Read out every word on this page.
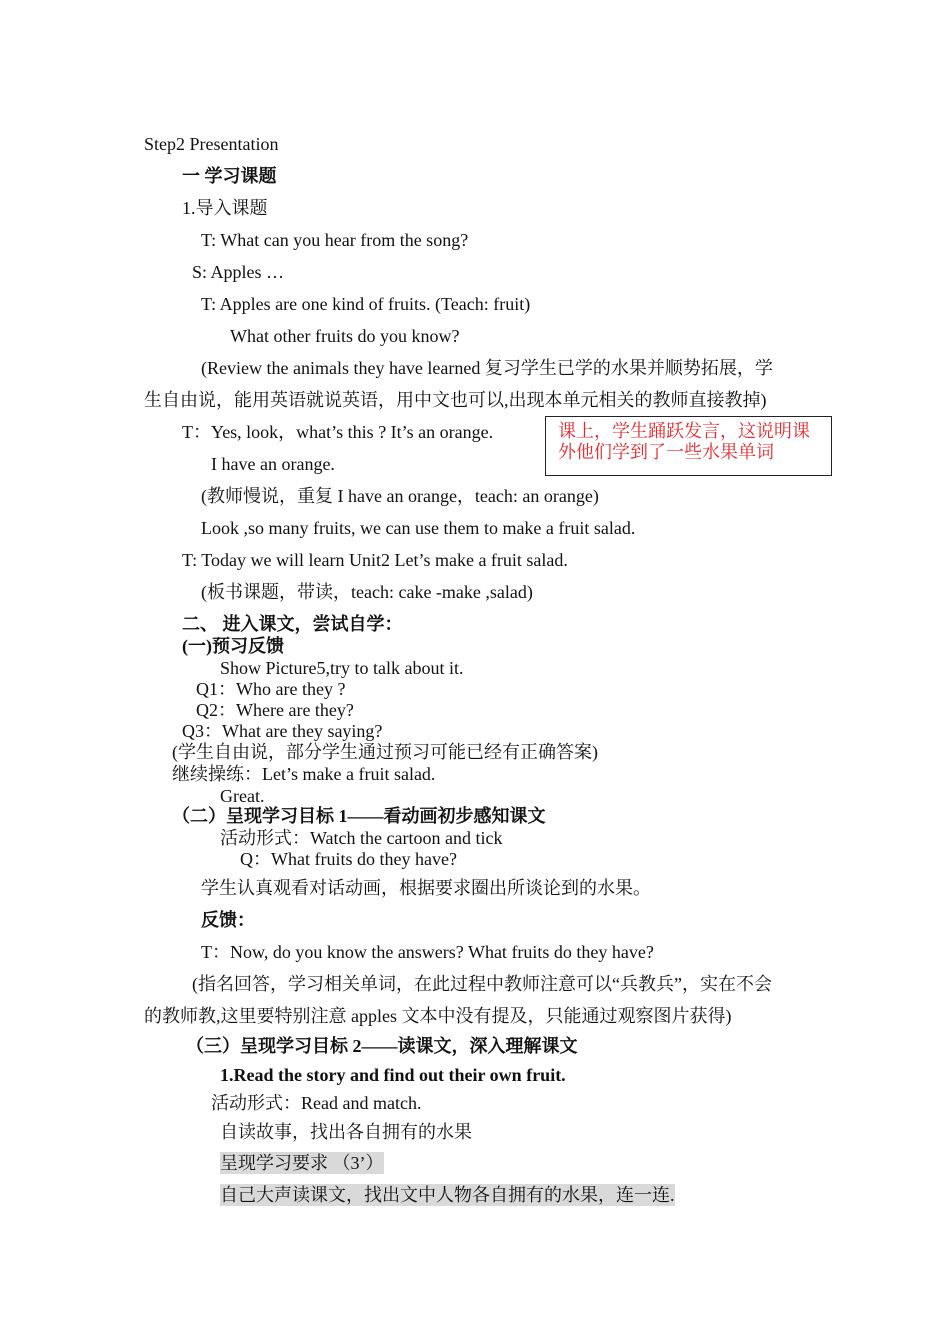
Step2 Presentation
一 学习课题
1.导入课题
T: What can you hear from the song?
S: Apples …
T: Apples are one kind of fruits. (Teach: fruit)
What other fruits do you know?
(Review the animals they have learned 复习学生已学的水果并顺势拓展，学
生自由说，能用英语就说英语，用中文也可以,出现本单元相关的教师直接教掉)
T：Yes, look，what’s this ? It’s an orange.
I have an orange.
(教师慢说，重复 I have an orange，teach: an orange)
Look ,so many fruits, we can use them to make a fruit salad.
T: Today we will learn Unit2 Let’s make a fruit salad.
(板书课题，带读，teach: cake -make ,salad)
二、 进入课文，尝试自学：
(一)预习反馈
Show Picture5,try to talk about it.
Q1：Who are they ?
Q2：Where are they?
Q3：What are they saying?
(学生自由说，部分学生通过预习可能已经有正确答案)
继续操练：Let’s make a fruit salad.
Great.
（二）呈现学习目标 1——看动画初步感知课文
活动形式：Watch the cartoon and tick
Q：What fruits do they have?
学生认真观看对话动画，根据要求圈出所谈论到的水果。
反馈：
T：Now, do you know the answers? What fruits do they have?
(指名回答，学习相关单词，在此过程中教师注意可以“兵教兵”，实在不会
的教师教,这里要特别注意 apples 文本中没有提及，只能通过观察图片获得)
（三）呈现学习目标 2——读课文，深入理解课文
1.Read the story and find out their own fruit.
活动形式：Read and match.
自读故事，找出各自拥有的水果
呈现学习要求 （3’）
自己大声读课文，找出文中人物各自拥有的水果，连一连.
课上，学生踊跃发言，这说明课外他们学到了一些水果单词
